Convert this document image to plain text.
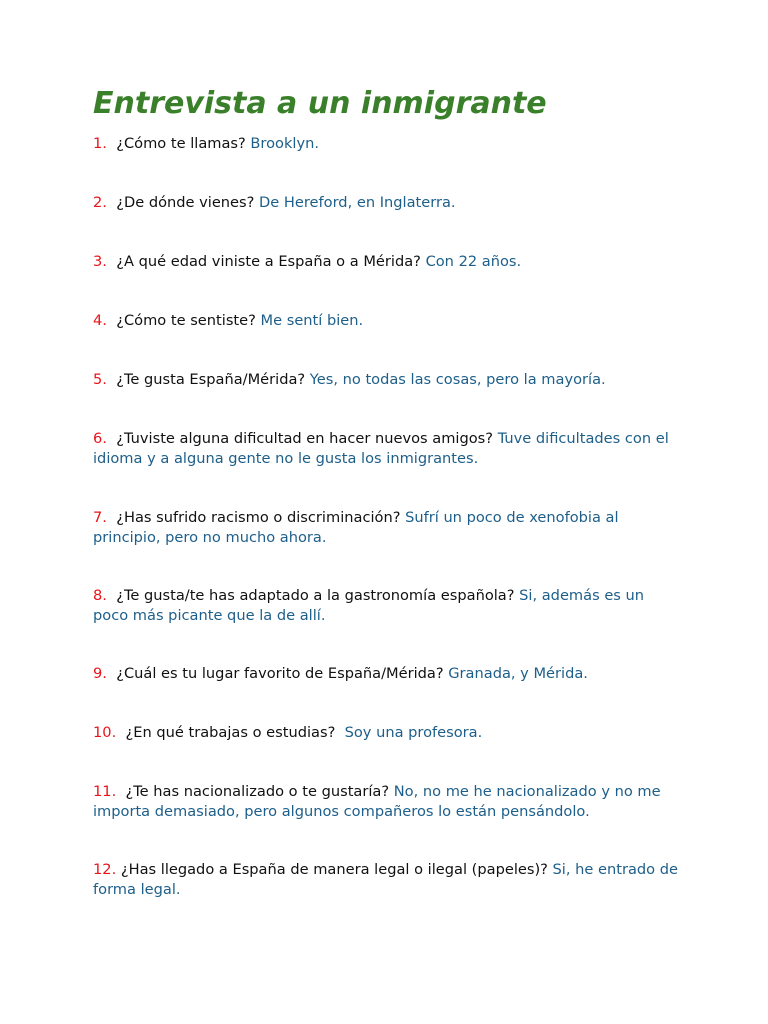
Entrevista a un inmigrante

1. ¿Cómo te llamas? Brooklyn.

2. ¿De dónde vienes? De Hereford, en Inglaterra.

3. ¿A qué edad viniste a España o a Mérida? Con 22 años.

4. ¿Cómo te sentiste? Me sentí bien.

5. ¿Te gusta España/Mérida? Yes, no todas las cosas, pero la mayoría.

6. ¿Tuviste alguna dificultad en hacer nuevos amigos? Tuve dificultades con el idioma y a alguna gente no le gusta los inmigrantes.

7. ¿Has sufrido racismo o discriminación? Sufrí un poco de xenofobia al principio, pero no mucho ahora.

8. ¿Te gusta/te has adaptado a la gastronomía española? Si, además es un poco más picante que la de allí.

9. ¿Cuál es tu lugar favorito de España/Mérida? Granada, y Mérida.

10. ¿En qué trabajas o estudias? Soy una profesora.

11. ¿Te has nacionalizado o te gustaría? No, no me he nacionalizado y no me importa demasiado, pero algunos compañeros lo están pensándolo.

12. ¿Has llegado a España de manera legal o ilegal (papeles)? Si, he entrado de forma legal.
